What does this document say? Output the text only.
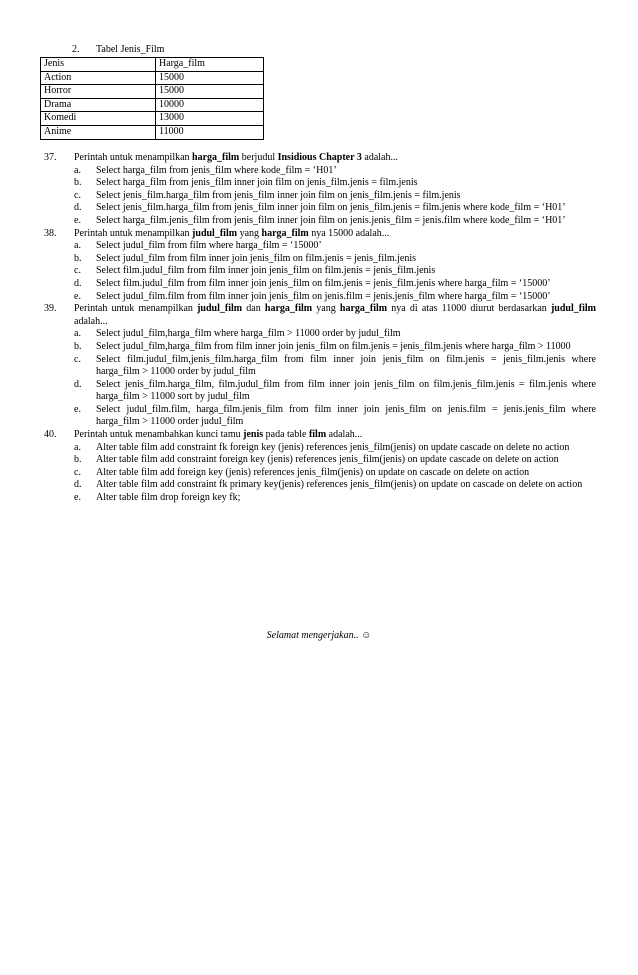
2. Tabel Jenis_Film
Jenis	Harga_film
Action	15000
Horror	15000
Drama	10000
Komedi	13000
Anime	11000
37.	Perintah untuk menampilkan harga_film berjudul Insidious Chapter 3 adalah...
a.	Select harga_film from jenis_film where kode_film = ‘H01’
b.	Select harga_film from jenis_film inner join film on jenis_film.jenis = film.jenis
c.	Select jenis_film.harga_film from jenis_film inner join film on jenis_film.jenis = film.jenis
d.	Select jenis_film.harga_film from jenis_film inner join film on jenis_film.jenis = film.jenis where kode_film = ‘H01’
e.	Select harga_film.jenis_film from jenis_film inner join film on jenis.jenis_film = jenis.film where kode_film = ‘H01’
38.	Perintah untuk menampilkan judul_film yang harga_film nya 15000 adalah...
a.	Select judul_film from film where harga_film = ‘15000’
b.	Select judul_film from film inner join jenis_film on film.jenis = jenis_film.jenis
c.	Select film.judul_film from film inner join jenis_film on film.jenis = jenis_film.jenis
d.	Select film.judul_film from film inner join jenis_film on film.jenis = jenis_film.jenis where harga_film = ‘15000’
e.	Select judul_film.film from film inner join jenis_film on jenis.film = jenis.jenis_film where harga_film = ‘15000’
39.	Perintah untuk menampilkan judul_film dan harga_film yang harga_film nya di atas 11000 diurut berdasarkan judul_film adalah...
a.	Select judul_film,harga_film where harga_film > 11000 order by judul_film
b.	Select judul_film,harga_film from film inner join jenis_film on film.jenis = jenis_film.jenis where harga_film > 11000
c.	Select film.judul_film,jenis_film.harga_film from film inner join jenis_film on film.jenis = jenis_film.jenis where harga_film > 11000 order by judul_film
d.	Select jenis_film.harga_film, film.judul_film from film inner join jenis_film on film.jenis_film.jenis = film.jenis where harga_film > 11000 sort by judul_film
e.	Select judul_film.film, harga_film.jenis_film from film inner join jenis_film on jenis.film = jenis.jenis_film where harga_film > 11000 order judul_film
40.	Perintah untuk menambahkan kunci tamu jenis pada table film adalah...
a.	Alter table film add constraint fk foreign key (jenis) references jenis_film(jenis) on update cascade on delete no action
b.	Alter table film add constraint foreign key (jenis) references jenis_film(jenis) on update cascade on delete on action
c.	Alter table film add foreign key (jenis) references jenis_film(jenis) on update on cascade on delete on action
d.	Alter table film add constraint fk primary key(jenis) references jenis_film(jenis) on update on cascade on delete on action
e.	Alter table film drop foreign key fk;
Selamat mengerjakan.. ☺
